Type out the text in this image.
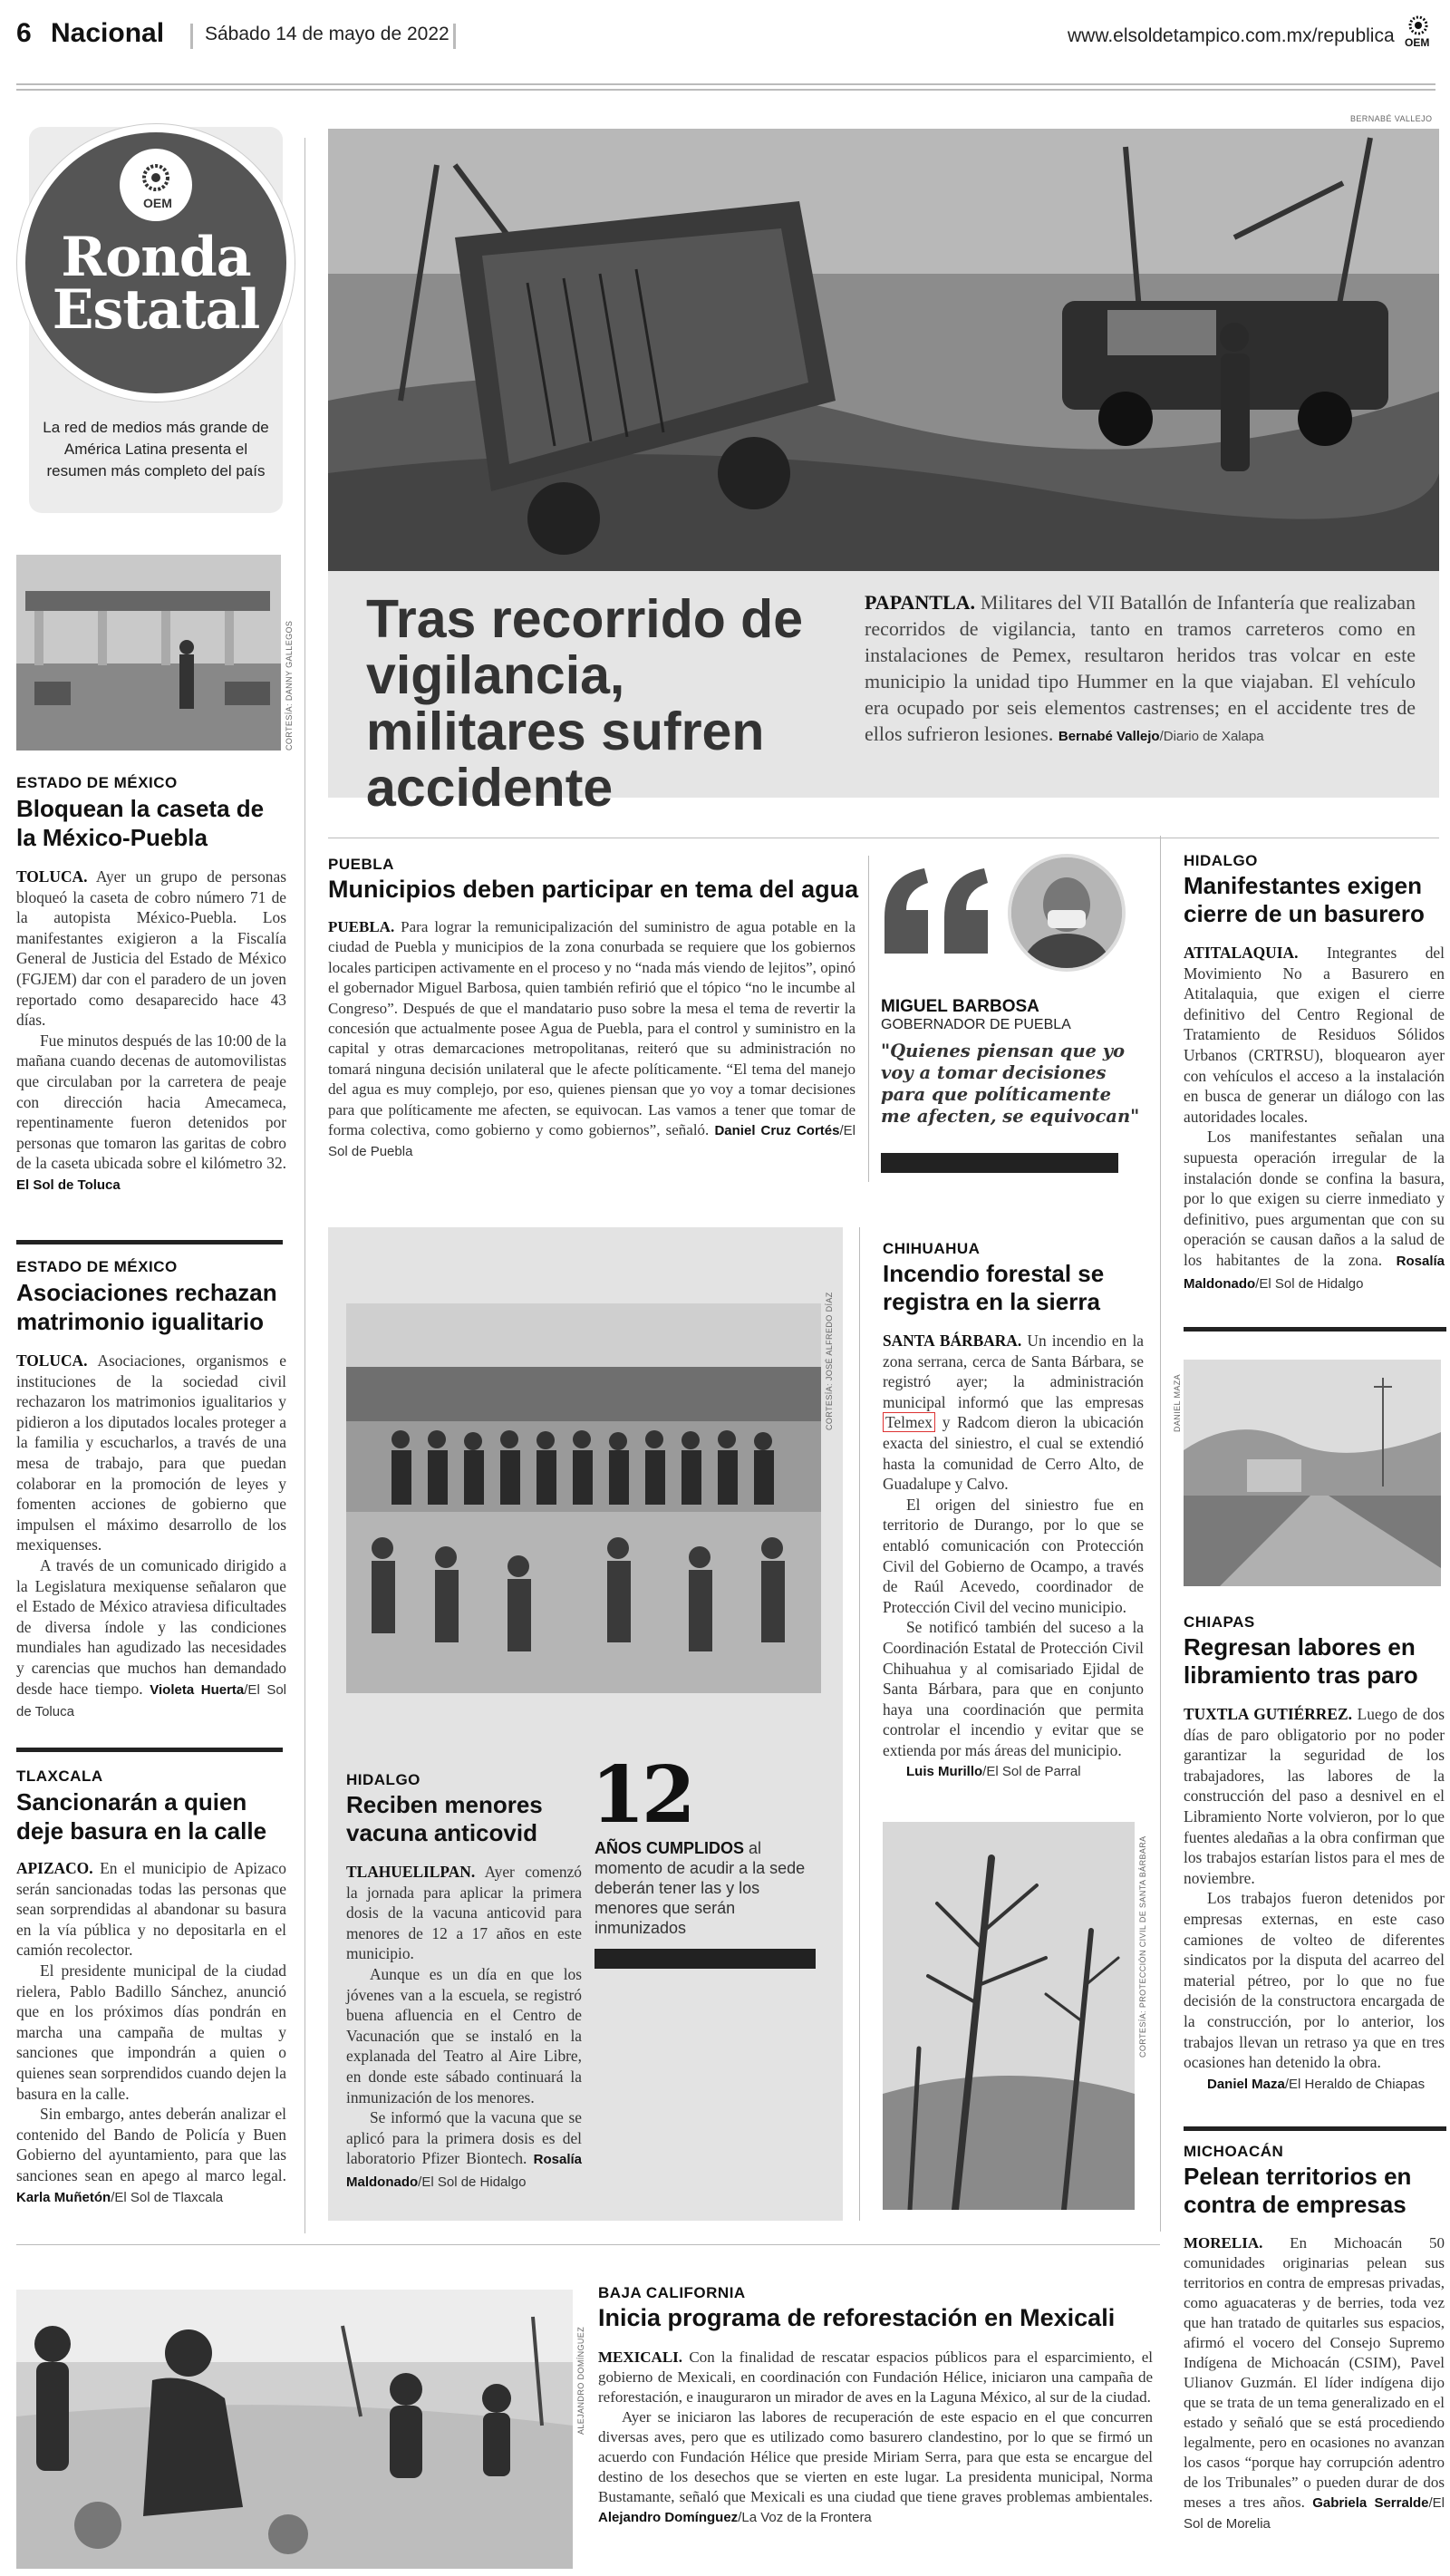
6 Nacional Sábado 14 de mayo de 2022	www.elsoldetampico.com.mx/republica OEM
OEM
Ronda
Estatal
La red de medios más grande de América Latina presenta el resumen más completo del país
BERNABÉ VALLEJO
Tras recorrido de vigilancia, militares sufren accidente
PAPANTLA. Militares del VII Batallón de Infantería que realizaban recorridos de vigilancia, tanto en tramos carreteros como en instalaciones de Pemex, resultaron heridos tras volcar en este municipio la unidad tipo Hummer en la que viajaban. El vehículo era ocupado por seis elementos castrenses; en el accidente tres de ellos sufrieron lesiones. Bernabé Vallejo/Diario de Xalapa
CORTESÍA: DANNY GALLEGOS
ESTADO DE MÉXICO
Bloquean la caseta de la México-Puebla

TOLUCA. Ayer un grupo de personas bloqueó la caseta de cobro número 71 de la autopista México-Puebla. Los manifestantes exigieron a la Fiscalía General de Justicia del Estado de México (FGJEM) dar con el paradero de un joven reportado como desaparecido hace 43 días.

Fue minutos después de las 10:00 de la mañana cuando decenas de automovilistas que circulaban por la carretera de peaje con dirección hacia Amecameca, repentinamente fueron detenidos por personas que tomaron las garitas de cobro de la caseta ubicada sobre el kilómetro 32. El Sol de Toluca

ESTADO DE MÉXICO
Asociaciones rechazan matrimonio igualitario

TOLUCA. Asociaciones, organismos e instituciones de la sociedad civil rechazaron los matrimonios igualitarios y pidieron a los diputados locales proteger a la familia y escucharlos, a través de una mesa de trabajo, para que puedan colaborar en la promoción de leyes y fomenten acciones de gobierno que impulsen el máximo desarrollo de los mexiquenses.

A través de un comunicado dirigido a la Legislatura mexiquense señalaron que el Estado de México atraviesa dificultades de diversa índole y las condiciones mundiales han agudizado las necesidades y carencias que muchos han demandado desde hace tiempo. Violeta Huerta/El Sol de Toluca

TLAXCALA
Sancionarán a quien deje basura en la calle

APIZACO. En el municipio de Apizaco serán sancionadas todas las personas que sean sorprendidas al abandonar su basura en la vía pública y no depositarla en el camión recolector.

El presidente municipal de la ciudad rielera, Pablo Badillo Sánchez, anunció que en los próximos días pondrán en marcha una campaña de multas y sanciones que impondrán a quien o quienes sean sorprendidos cuando dejen la basura en la calle.

Sin embargo, antes deberán analizar el contenido del Bando de Policía y Buen Gobierno del ayuntamiento, para que las sanciones sean en apego al marco legal. Karla Muñetón/El Sol de Tlaxcala

PUEBLA
Municipios deben participar en tema del agua
PUEBLA. Para lograr la remunicipalización del suministro de agua potable en la ciudad de Puebla y municipios de la zona conurbada se requiere que los gobiernos locales participen activamente en el proceso y no “nada más viendo de lejitos”, opinó el gobernador Miguel Barbosa, quien también refirió que el tópico “no le incumbe al Congreso”. Después de que el mandatario puso sobre la mesa el tema de revertir la concesión que actualmente posee Agua de Puebla, para el control y suministro en la capital y otras demarcaciones metropolitanas, reiteró que su administración no tomará ninguna decisión unilateral que le afecte políticamente. “El tema del manejo del agua es muy complejo, por eso, quienes piensan que yo voy a tomar decisiones para que políticamente me afecten, se equivocan. Las vamos a tener que tomar de forma colectiva, como gobierno y como gobiernos”, señaló. Daniel Cruz Cortés/El Sol de Puebla
MIGUEL BARBOSA
GOBERNADOR DE PUEBLA
"Quienes piensan que yo voy a tomar decisiones para que políticamente me afecten, se equivocan"
HIDALGO
Manifestantes exigen cierre de un basurero

ATITALAQUIA. Integrantes del Movimiento No a Basurero en Atitalaquia, que exigen el cierre definitivo del Centro Regional de Tratamiento de Residuos Sólidos Urbanos (CRTRSU), bloquearon ayer con vehículos el acceso a la instalación en busca de generar un diálogo con las autoridades locales.

Los manifestantes señalan una supuesta operación irregular de la instalación donde se confina la basura, por lo que exigen su cierre inmediato y definitivo, pues argumentan que con su operación se causan daños a la salud de los habitantes de la zona. Rosalía Maldonado/El Sol de Hidalgo

CORTESÍA: JOSÉ ALFREDO DÍAZ
HIDALGO
Reciben menores vacuna anticovid

TLAHUELILPAN. Ayer comenzó la jornada para aplicar la primera dosis de la vacuna anticovid para menores de 12 a 17 años en este municipio.

Aunque es un día en que los jóvenes van a la escuela, se registró buena afluencia en el Centro de Vacunación que se instaló en la explanada del Teatro al Aire Libre, en donde este sábado continuará la inmunización de los menores.

Se informó que la vacuna que se aplicó para la primera dosis es del laboratorio Pfizer Biontech. Rosalía Maldonado/El Sol de Hidalgo

12
AÑOS CUMPLIDOS al momento de acudir a la sede deberán tener las y los menores que serán inmunizados
CHIHUAHUA
Incendio forestal se registra en la sierra

SANTA BÁRBARA. Un incendio en la zona serrana, cerca de Santa Bárbara, se registró ayer; la administración municipal informó que las empresas Telmex y Radcom dieron la ubicación exacta del siniestro, el cual se extendió hasta la comunidad de Cerro Alto, de Guadalupe y Calvo.

El origen del siniestro fue en territorio de Durango, por lo que se entabló comunicación con Protección Civil del Gobierno de Ocampo, a través de Raúl Acevedo, coordinador de Protección Civil del vecino municipio.

Se notificó también del suceso a la Coordinación Estatal de Protección Civil Chihuahua y al comisariado Ejidal de Santa Bárbara, para que en conjunto haya una coordinación que permita controlar el incendio y evitar que se extienda por más áreas del municipio.

Luis Murillo/El Sol de Parral

CORTESÍA: PROTECCIÓN CIVIL DE SANTA BÁRBARA
DANIEL MAZA
CHIAPAS
Regresan labores en libramiento tras paro

TUXTLA GUTIÉRREZ. Luego de dos días de paro obligatorio por no poder garantizar la seguridad de los trabajadores, las labores de la construcción del paso a desnivel en el Libramiento Norte volvieron, por lo que fuentes aledañas a la obra confirman que los trabajos estarían listos para el mes de noviembre.

Los trabajos fueron detenidos por empresas externas, en este caso camiones de volteo de diferentes sindicatos por la disputa del acarreo del material pétreo, por lo que no fue decisión de la constructora encargada de la construcción, por lo anterior, los trabajos llevan un retraso ya que en tres ocasiones han detenido la obra.

Daniel Maza/El Heraldo de Chiapas

MICHOACÁN
Pelean territorios en contra de empresas
MORELIA. En Michoacán 50 comunidades originarias pelean sus territorios en contra de empresas privadas, como aguacateras y de berries, toda vez que han tratado de quitarles sus espacios, afirmó el vocero del Consejo Supremo Indígena de Michoacán (CSIM), Pavel Ulianov Guzmán. El líder indígena dijo que se trata de un tema generalizado en el estado y señaló que se está procediendo legalmente, pero en ocasiones no avanzan los casos “porque hay corrupción adentro de los Tribunales” o pueden durar de dos meses a tres años. Gabriela Serralde/El Sol de Morelia
ALEJANDRO DOMÍNGUEZ
BAJA CALIFORNIA
Inicia programa de reforestación en Mexicali

MEXICALI. Con la finalidad de rescatar espacios públicos para el esparcimiento, el gobierno de Mexicali, en coordinación con Fundación Hélice, iniciaron una campaña de reforestación, e inauguraron un mirador de aves en la Laguna México, al sur de la ciudad.

Ayer se iniciaron las labores de recuperación de este espacio en el que concurren diversas aves, pero que es utilizado como basurero clandestino, por lo que se firmó un acuerdo con Fundación Hélice que preside Miriam Serra, para que esta se encargue del destino de los desechos que se vierten en este lugar. La presidenta municipal, Norma Bustamante, señaló que Mexicali es una ciudad que tiene graves problemas ambientales. Alejandro Domínguez/La Voz de la Frontera
